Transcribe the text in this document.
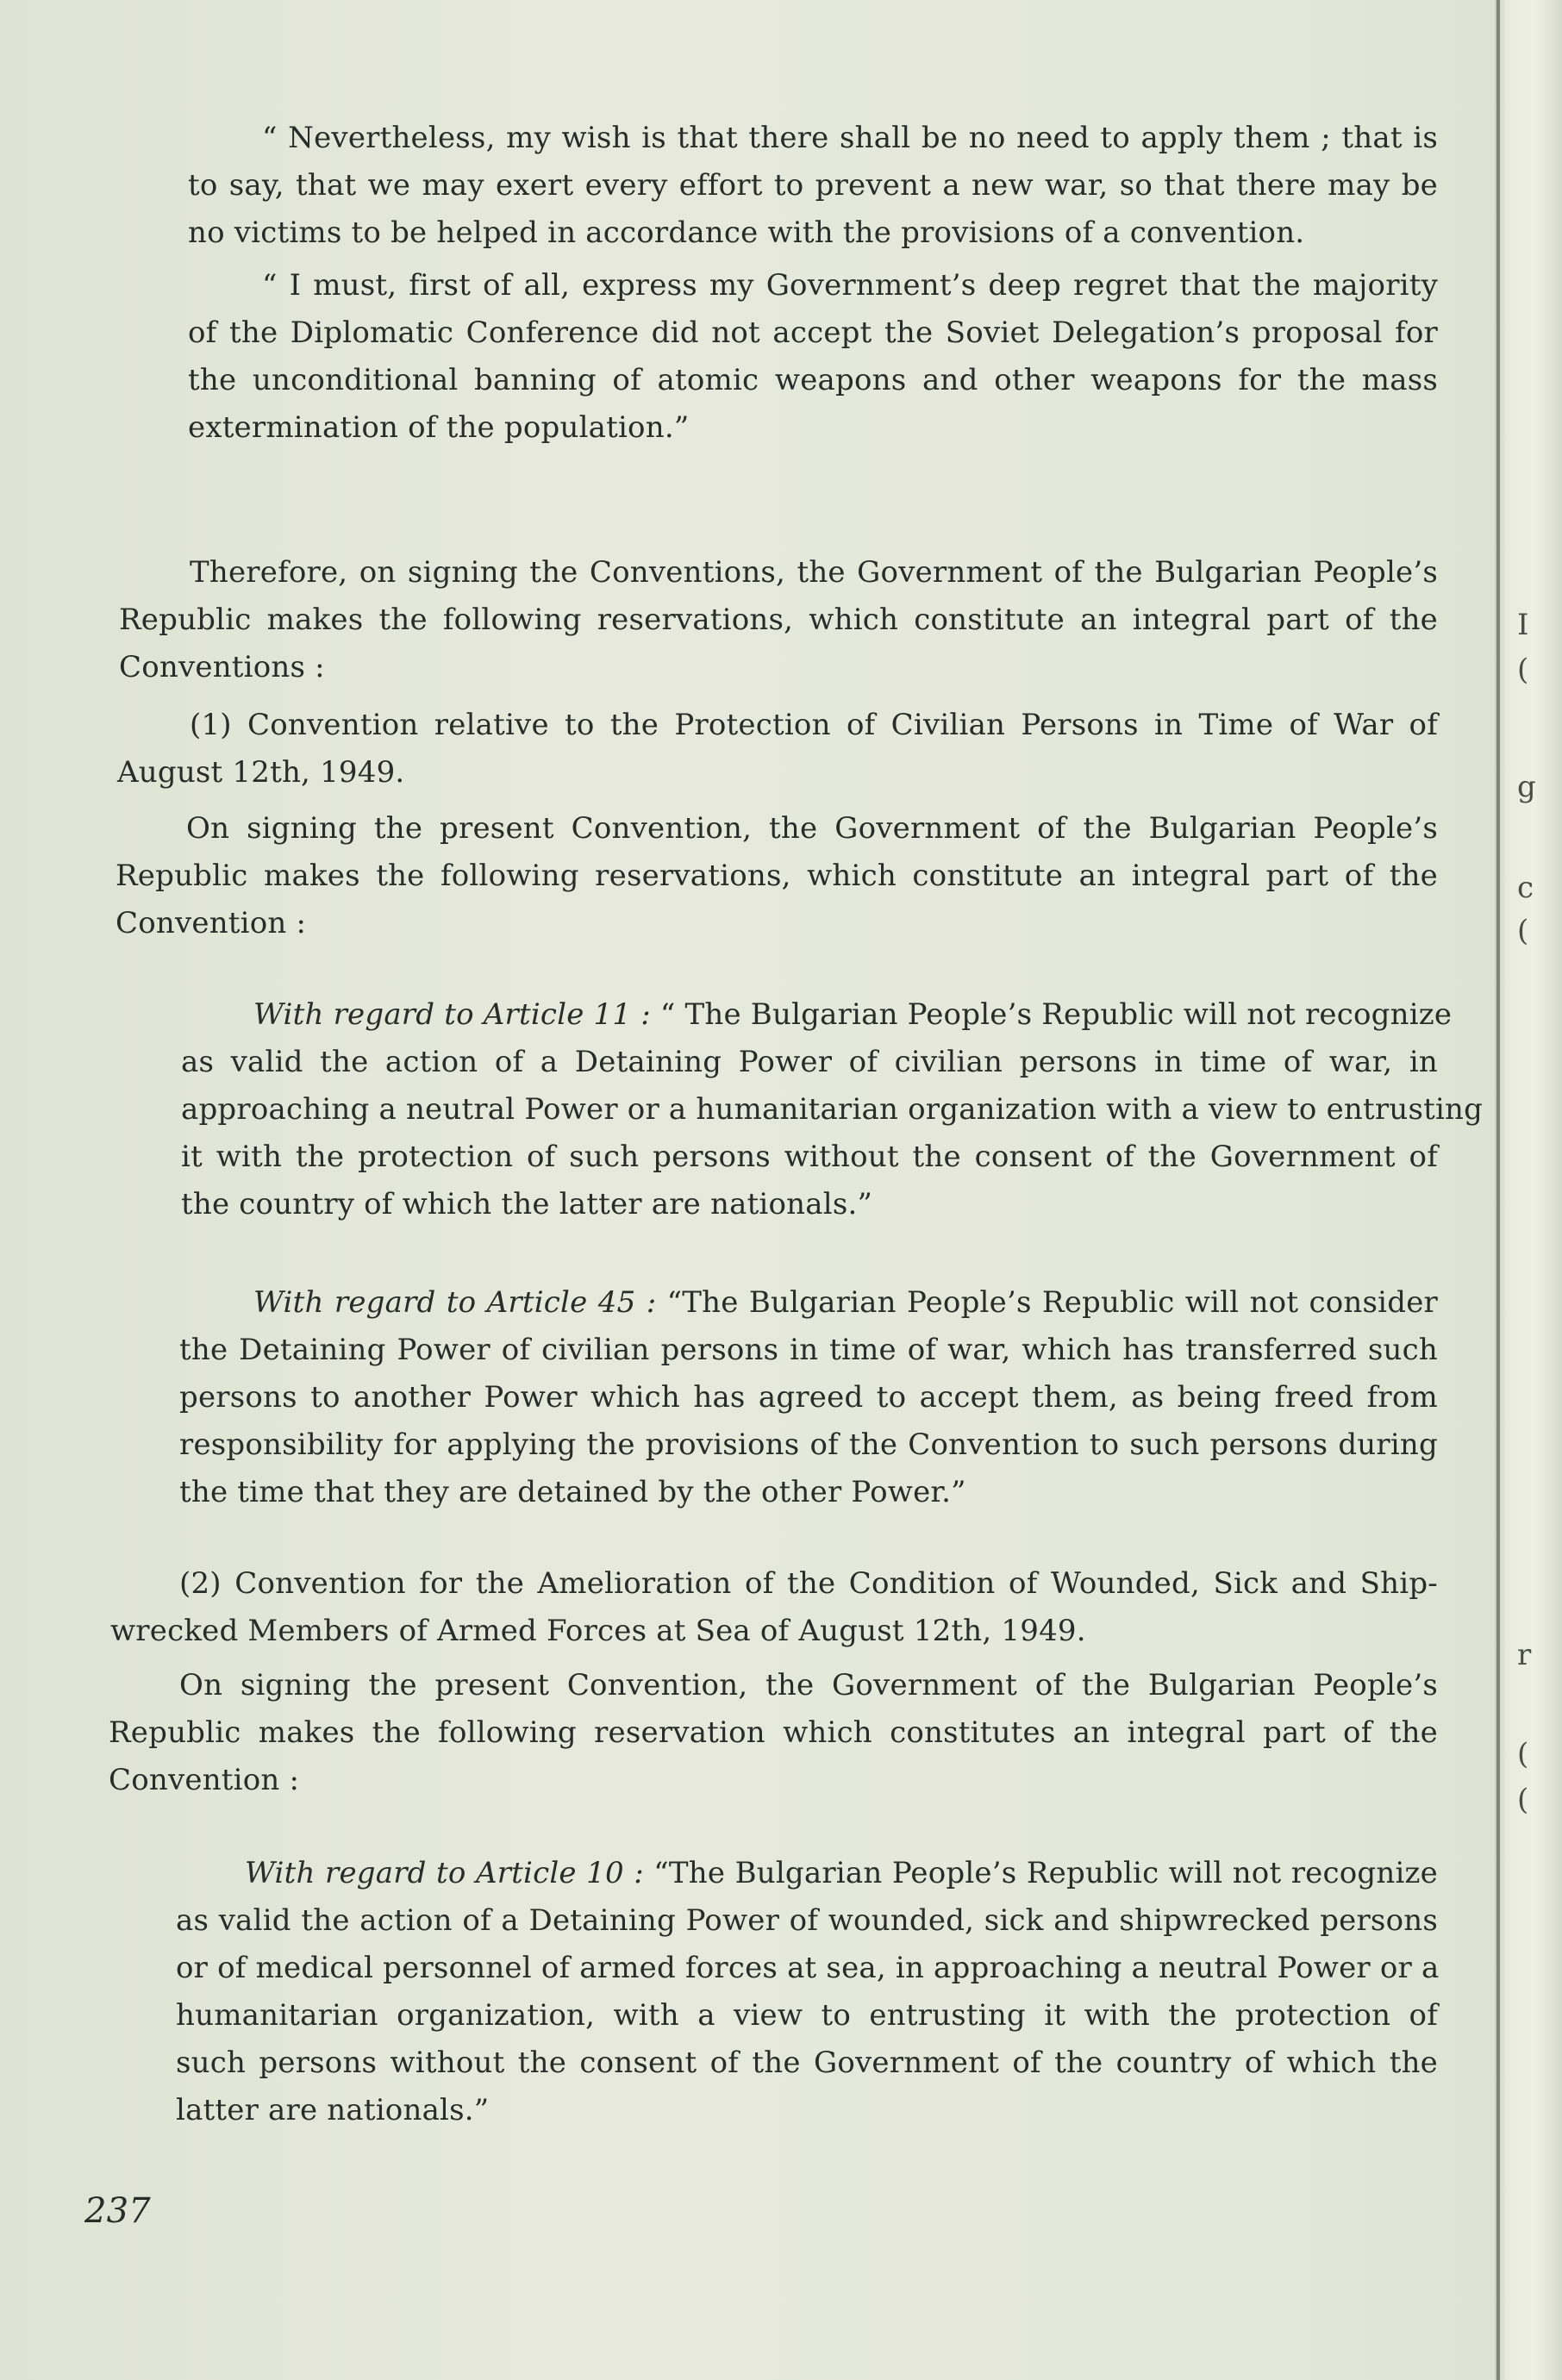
I
(
g
c
(
r
(
(
“ Nevertheless, my wish is that there shall be no need to apply them ; that is
to say, that we may exert every effort to prevent a new war, so that there may be
no victims to be helped in accordance with the provisions of a convention.
“ I must, first of all, express my Government’s deep regret that the majority
of the Diplomatic Conference did not accept the Soviet Delegation’s proposal for
the unconditional banning of atomic weapons and other weapons for the mass
extermination of the population.”
Therefore, on signing the Conventions, the Government of the Bulgarian People’s
Republic makes the following reservations, which constitute an integral part of the
Conventions :
(1) Convention relative to the Protection of Civilian Persons in Time of War of
August 12th, 1949.
On signing the present Convention, the Government of the Bulgarian People’s
Republic makes the following reservations, which constitute an integral part of the
Convention :
With regard to Article 11 : “ The Bulgarian People’s Republic will not recognize
as valid the action of a Detaining Power of civilian persons in time of war, in
approaching a neutral Power or a humanitarian organization with a view to entrusting
it with the protection of such persons without the consent of the Government of
the country of which the latter are nationals.”
With regard to Article 45 : “The Bulgarian People’s Republic will not consider
the Detaining Power of civilian persons in time of war, which has transferred such
persons to another Power which has agreed to accept them, as being freed from
responsibility for applying the provisions of the Convention to such persons during
the time that they are detained by the other Power.”
(2) Convention for the Amelioration of the Condition of Wounded, Sick and Ship-
wrecked Members of Armed Forces at Sea of August 12th, 1949.
On signing the present Convention, the Government of the Bulgarian People’s
Republic makes the following reservation which constitutes an integral part of the
Convention :
With regard to Article 10 : “The Bulgarian People’s Republic will not recognize
as valid the action of a Detaining Power of wounded, sick and shipwrecked persons
or of medical personnel of armed forces at sea, in approaching a neutral Power or a
humanitarian organization, with a view to entrusting it with the protection of
such persons without the consent of the Government of the country of which the
latter are nationals.”
237
